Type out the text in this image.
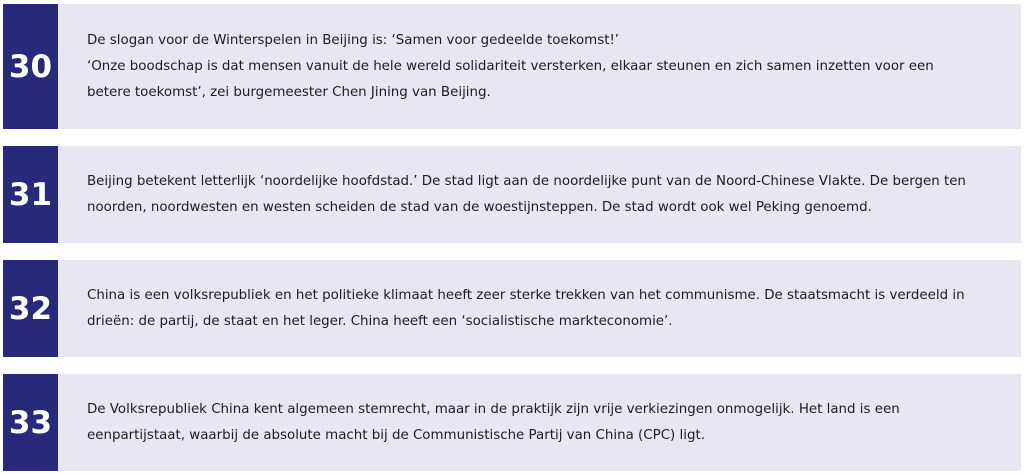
30

De slogan voor de Winterspelen in Beijing is: ‘Samen voor gedeelde toekomst!’

‘Onze boodschap is dat mensen vanuit de hele wereld solidariteit versterken, elkaar steunen en zich samen inzetten voor een

betere toekomst’, zei burgemeester Chen Jining van Beijing.

31	Beijing betekent letterlijk ‘noordelijke hoofdstad.’ De stad ligt aan de noordelijke punt van de Noord-Chinese Vlakte. De bergen ten

noorden, noordwesten en westen scheiden de stad van de woestijnsteppen. De stad wordt ook wel Peking genoemd.

32	China is een volksrepubliek en het politieke klimaat heeft zeer sterke trekken van het communisme. De staatsmacht is verdeeld in

drieën: de partij, de staat en het leger. China heeft een ‘socialistische markteconomie’.

33	De Volksrepubliek China kent algemeen stemrecht, maar in de praktijk zijn vrije verkiezingen onmogelijk. Het land is een

eenpartijstaat, waarbij de absolute macht bij de Communistische Partij van China (CPC) ligt.
